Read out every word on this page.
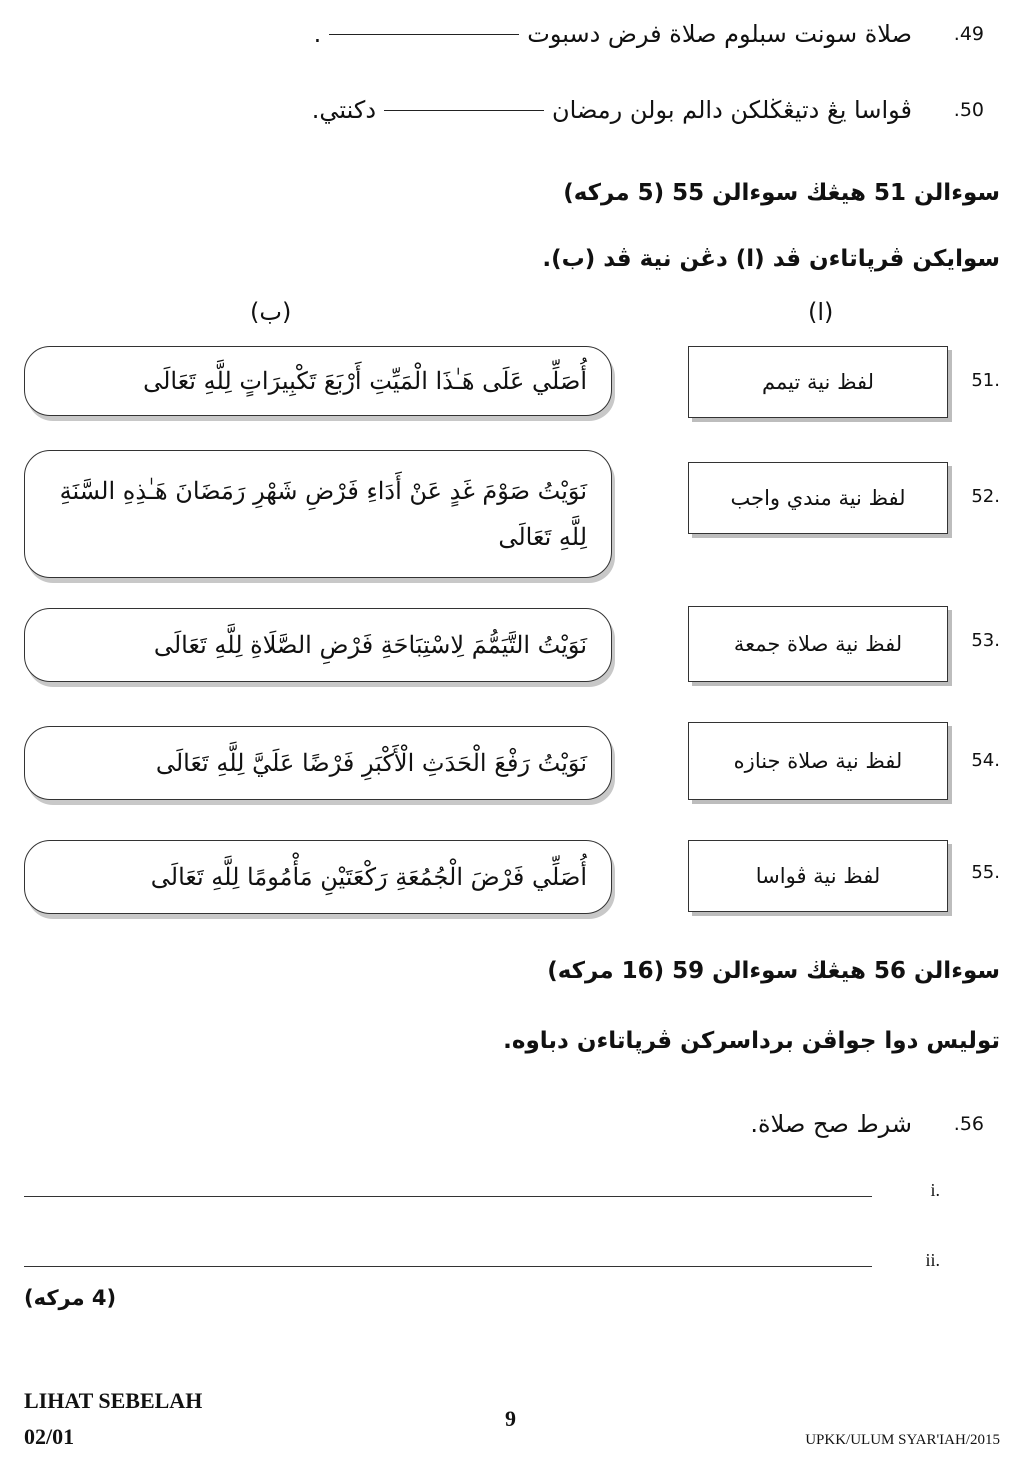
49.
صلاة سونت سبلوم صلاة فرض دسبوت
.
50.
ڤواسا يڠ دتيڠڬلكن دالم بولن رمضان
دكنتي.
سوءالن 51 هيڠڬ سوءالن 55 (5 مركه)
سوايكن ڤرپاتاءن ڤد (ا) دڠن نية ڤد (ب).
(ا)
(ب)
51.
لفظ نية تيمم
أُصَلِّي عَلَى هَـٰذَا الْمَيِّتِ أَرْبَعَ تَكْبِيرَاتٍ لِلَّهِ تَعَالَى
52.
لفظ نية مندي واجب
نَوَيْتُ صَوْمَ غَدٍ عَنْ أَدَاءِ فَرْضِ شَهْرِ رَمَضَانَ هَـٰذِهِ السَّنَةِ لِلَّهِ تَعَالَى
53.
لفظ نية صلاة جمعة
نَوَيْتُ التَّيَمُّمَ لِاسْتِبَاحَةِ فَرْضِ الصَّلَاةِ لِلَّهِ تَعَالَى
54.
لفظ نية صلاة جنازه
نَوَيْتُ رَفْعَ الْحَدَثِ الْأَكْبَرِ فَرْضًا عَلَيَّ لِلَّهِ تَعَالَى
55.
لفظ نية ڤواسا
أُصَلِّي فَرْضَ الْجُمُعَةِ رَكْعَتَيْنِ مَأْمُومًا لِلَّهِ تَعَالَى
سوءالن 56 هيڠڬ سوءالن 59 (16 مركه)
توليس دوا جواڤن برداسركن ڤرپاتاءن دباوه.
56.
شرط صح صلاة.
i.
ii.
(4 مركه)
LIHAT SEBELAH
02/01
9
UPKK/ULUM SYAR'IAH/2015
